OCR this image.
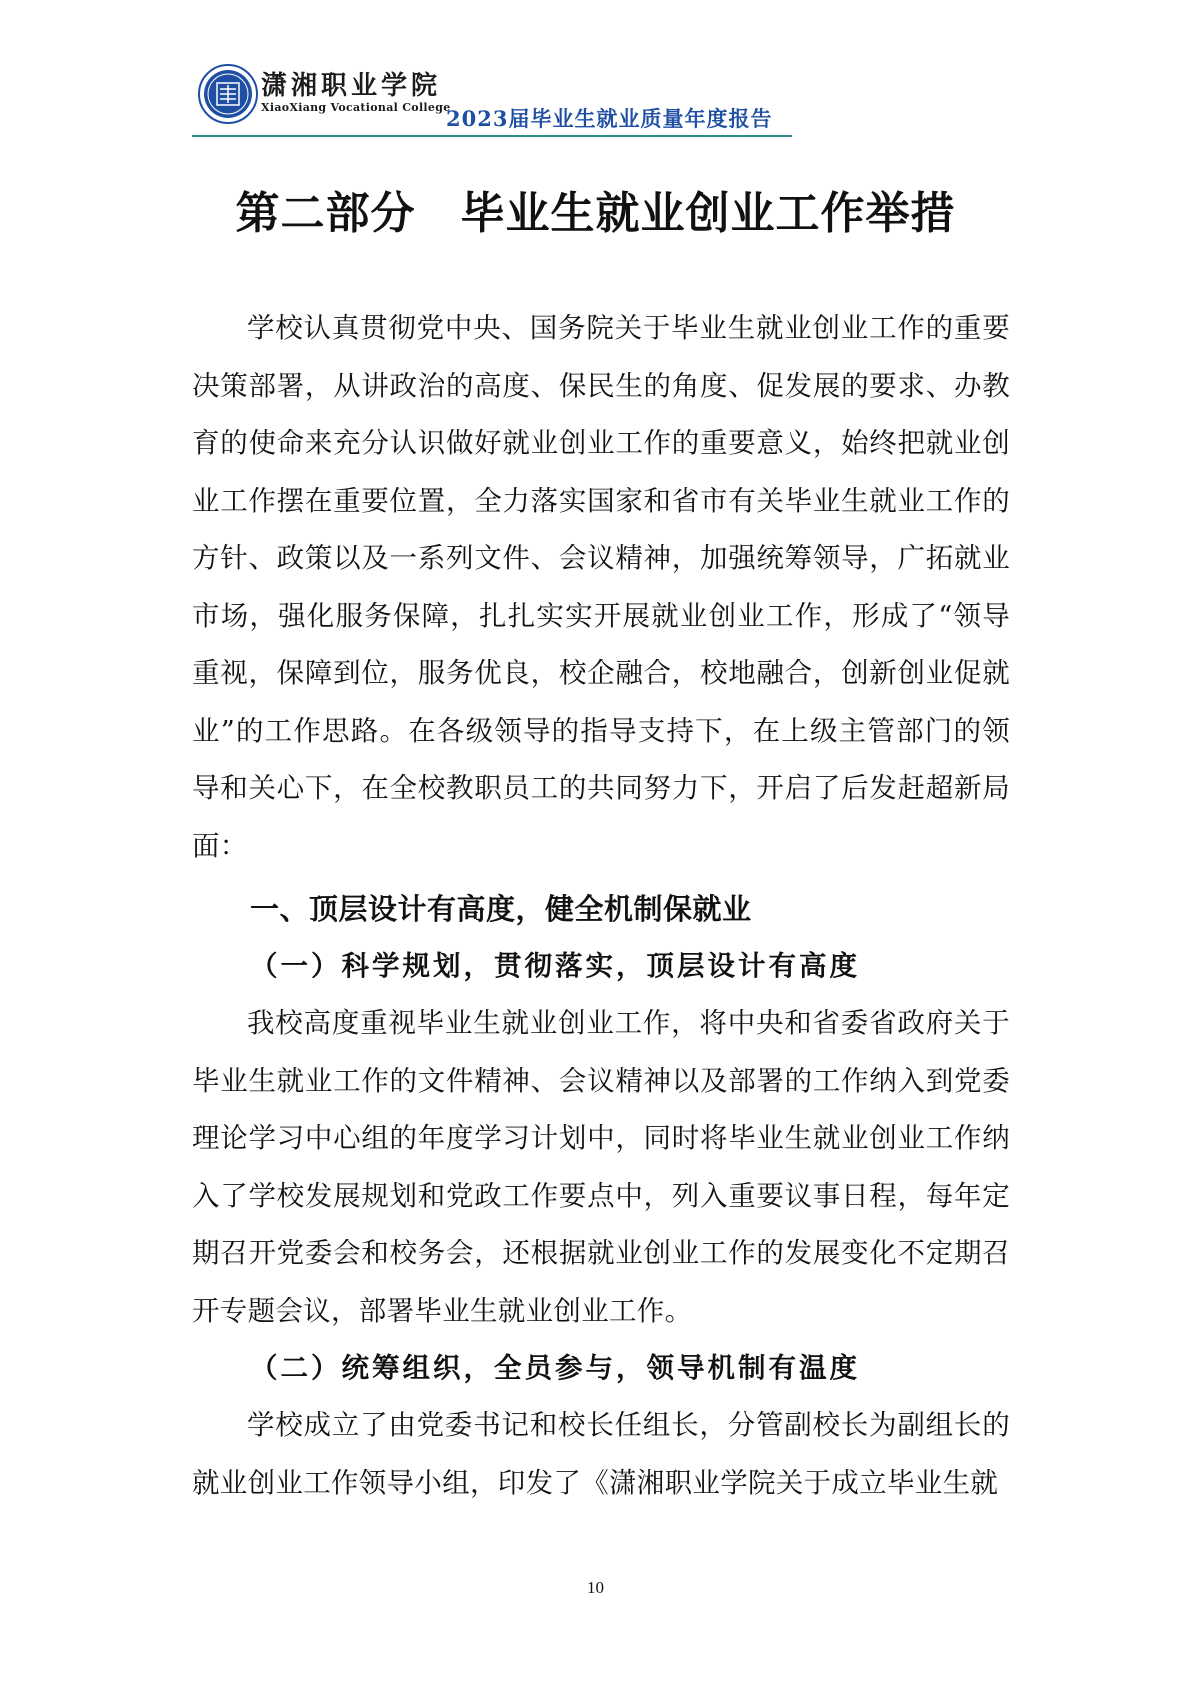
潇湘职业学院
XiaoXiang Vocational College
2023届毕业生就业质量年度报告
第二部分　毕业生就业创业工作举措

学校认真贯彻党中央、国务院关于毕业生就业创业工作的重要决策部署，从讲政治的高度、保民生的角度、促发展的要求、办教育的使命来充分认识做好就业创业工作的重要意义，始终把就业创业工作摆在重要位置，全力落实国家和省市有关毕业生就业工作的方针、政策以及一系列文件、会议精神，加强统筹领导，广拓就业市场，强化服务保障，扎扎实实开展就业创业工作，形成了“领导重视，保障到位，服务优良，校企融合，校地融合，创新创业促就业”的工作思路。在各级领导的指导支持下，在上级主管部门的领导和关心下，在全校教职员工的共同努力下，开启了后发赶超新局面：

一、顶层设计有高度，健全机制保就业
（一）科学规划，贯彻落实，顶层设计有高度

我校高度重视毕业生就业创业工作，将中央和省委省政府关于毕业生就业工作的文件精神、会议精神以及部署的工作纳入到党委理论学习中心组的年度学习计划中，同时将毕业生就业创业工作纳入了学校发展规划和党政工作要点中，列入重要议事日程，每年定期召开党委会和校务会，还根据就业创业工作的发展变化不定期召开专题会议，部署毕业生就业创业工作。

（二）统筹组织，全员参与，领导机制有温度

学校成立了由党委书记和校长任组长，分管副校长为副组长的就业创业工作领导小组，印发了《潇湘职业学院关于成立毕业生就

10
